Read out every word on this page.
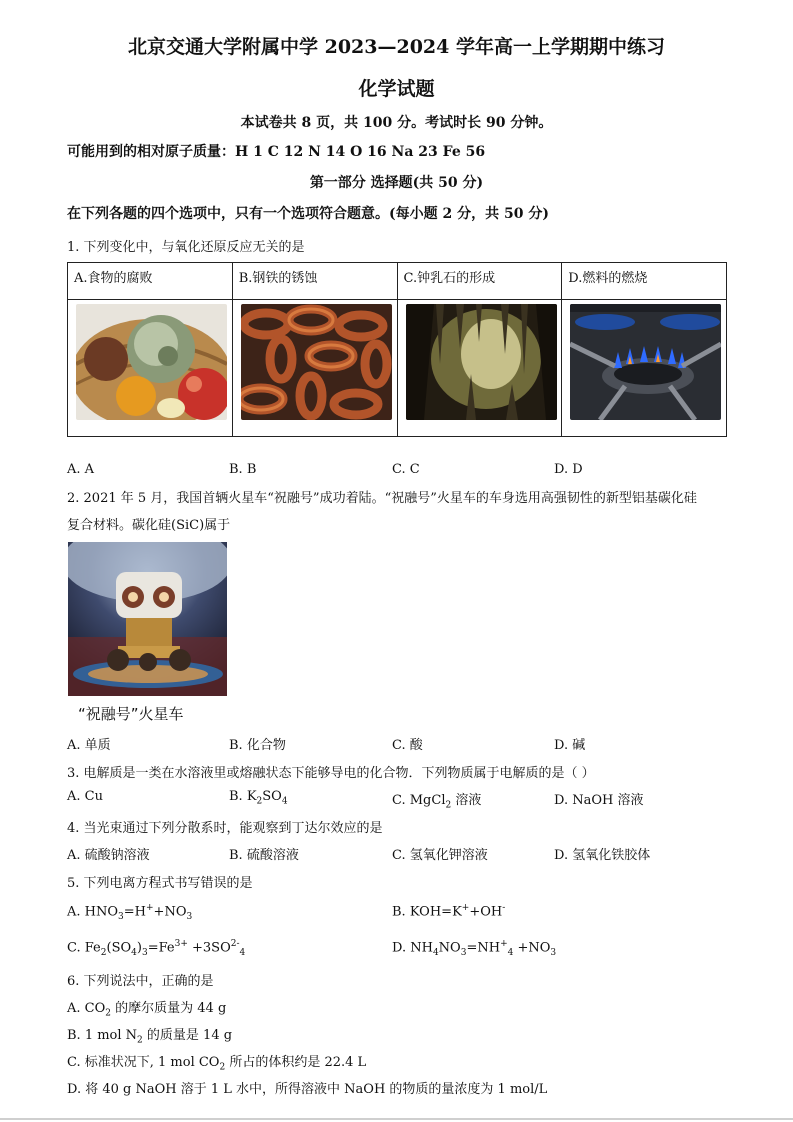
北京交通大学附属中学 2023—2024 学年高一上学期期中练习
化学试题
本试卷共 8 页，共 100 分。考试时长 90 分钟。
可能用到的相对原子质量：H 1 C 12 N 14 O 16 Na 23 Fe 56
第一部分 选择题(共 50 分)
在下列各题的四个选项中，只有一个选项符合题意。(每小题 2 分，共 50 分)
1. 下列变化中，与氧化还原反应无关的是
A.食物的腐败	B.钢铁的锈蚀	C.钟乳石的形成	D.燃料的燃烧

A. A	B. B	C. C	D. D
2. 2021 年 5 月，我国首辆火星车“祝融号”成功着陆。“祝融号”火星车的车身选用高强韧性的新型铝基碳化硅
复合材料。碳化硅(SiC)属于
“祝融号”火星车
A. 单质	B. 化合物	C. 酸	D. 碱
3. 电解质是一类在水溶液里或熔融状态下能够导电的化合物．下列物质属于电解质的是（ ）
A. Cu	B. $K_2SO_4$	C. MgCl$_2$ 溶液	D. NaOH 溶液
4. 当光束通过下列分散系时，能观察到丁达尔效应的是
A. 硫酸钠溶液	B. 硫酸溶液	C. 氢氧化钾溶液	D. 氢氧化铁胶体
5. 下列电离方程式书写错误的是
A. $HNO_3=H^++NO_3$	B. KOH=K++OH-
C. $Fe_2(SO_4)_3=Fe^{3+} +3SO^{2-}_4$	D. $NH_4NO_3=NH^+_4 +NO_3$
6. 下列说法中，正确的是
A. $CO_2$ 的摩尔质量为 44 g
B. 1 mol $N_2$ 的质量是 14 g
C. 标准状况下, 1 mol $CO_2$ 所占的体积约是 22.4 L
D. 将 40 g NaOH 溶于 1 L 水中，所得溶液中 NaOH 的物质的量浓度为 1 mol/L
